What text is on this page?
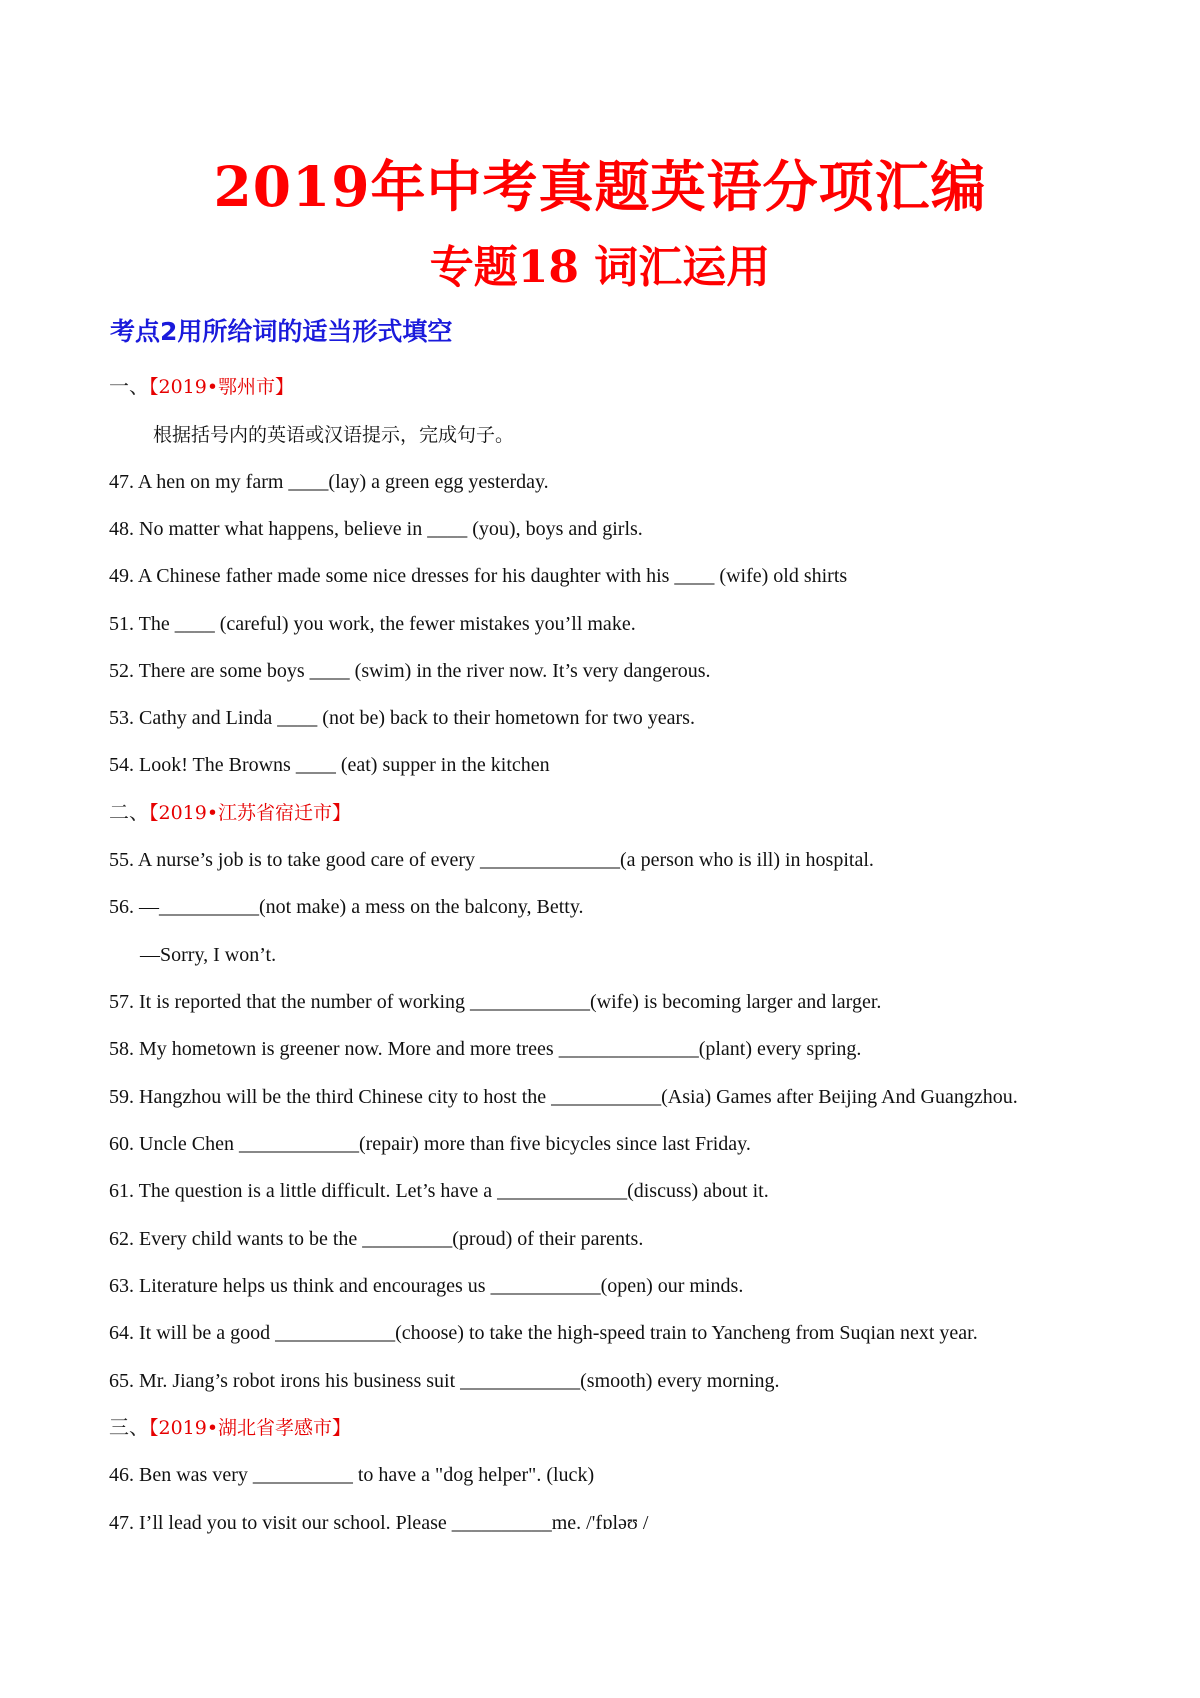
2019年中考真题英语分项汇编
专题18 词汇运用
考点2用所给词的适当形式填空
一、【2019•鄂州市】
根据括号内的英语或汉语提示，完成句子。
47. A hen on my farm ____(lay) a green egg yesterday.
48. No matter what happens, believe in ____ (you), boys and girls.
49. A Chinese father made some nice dresses for his daughter with his ____ (wife) old shirts
51. The ____ (careful) you work, the fewer mistakes you’ll make.
52. There are some boys ____ (swim) in the river now. It’s very dangerous.
53. Cathy and Linda ____ (not be) back to their hometown for two years.
54. Look! The Browns ____ (eat) supper in the kitchen
二、【2019•江苏省宿迁市】
55. A nurse’s job is to take good care of every ______________(a person who is ill) in hospital.
56. —__________(not make) a mess on the balcony, Betty.
—Sorry, I won’t.
57. It is reported that the number of working ____________(wife) is becoming larger and larger.
58. My hometown is greener now. More and more trees ______________(plant) every spring.
59. Hangzhou will be the third Chinese city to host the ___________(Asia) Games after Beijing And Guangzhou.
60. Uncle Chen ____________(repair) more than five bicycles since last Friday.
61. The question is a little difficult. Let’s have a _____________(discuss) about it.
62. Every child wants to be the _________(proud) of their parents.
63. Literature helps us think and encourages us ___________(open) our minds.
64. It will be a good ____________(choose) to take the high-speed train to Yancheng from Suqian next year.
65. Mr. Jiang’s robot irons his business suit ____________(smooth) every morning.
三、【2019•湖北省孝感市】
46. Ben was very __________ to have a "dog helper". (luck)
47. I’ll lead you to visit our school. Please __________me. /'fɒləʊ /
